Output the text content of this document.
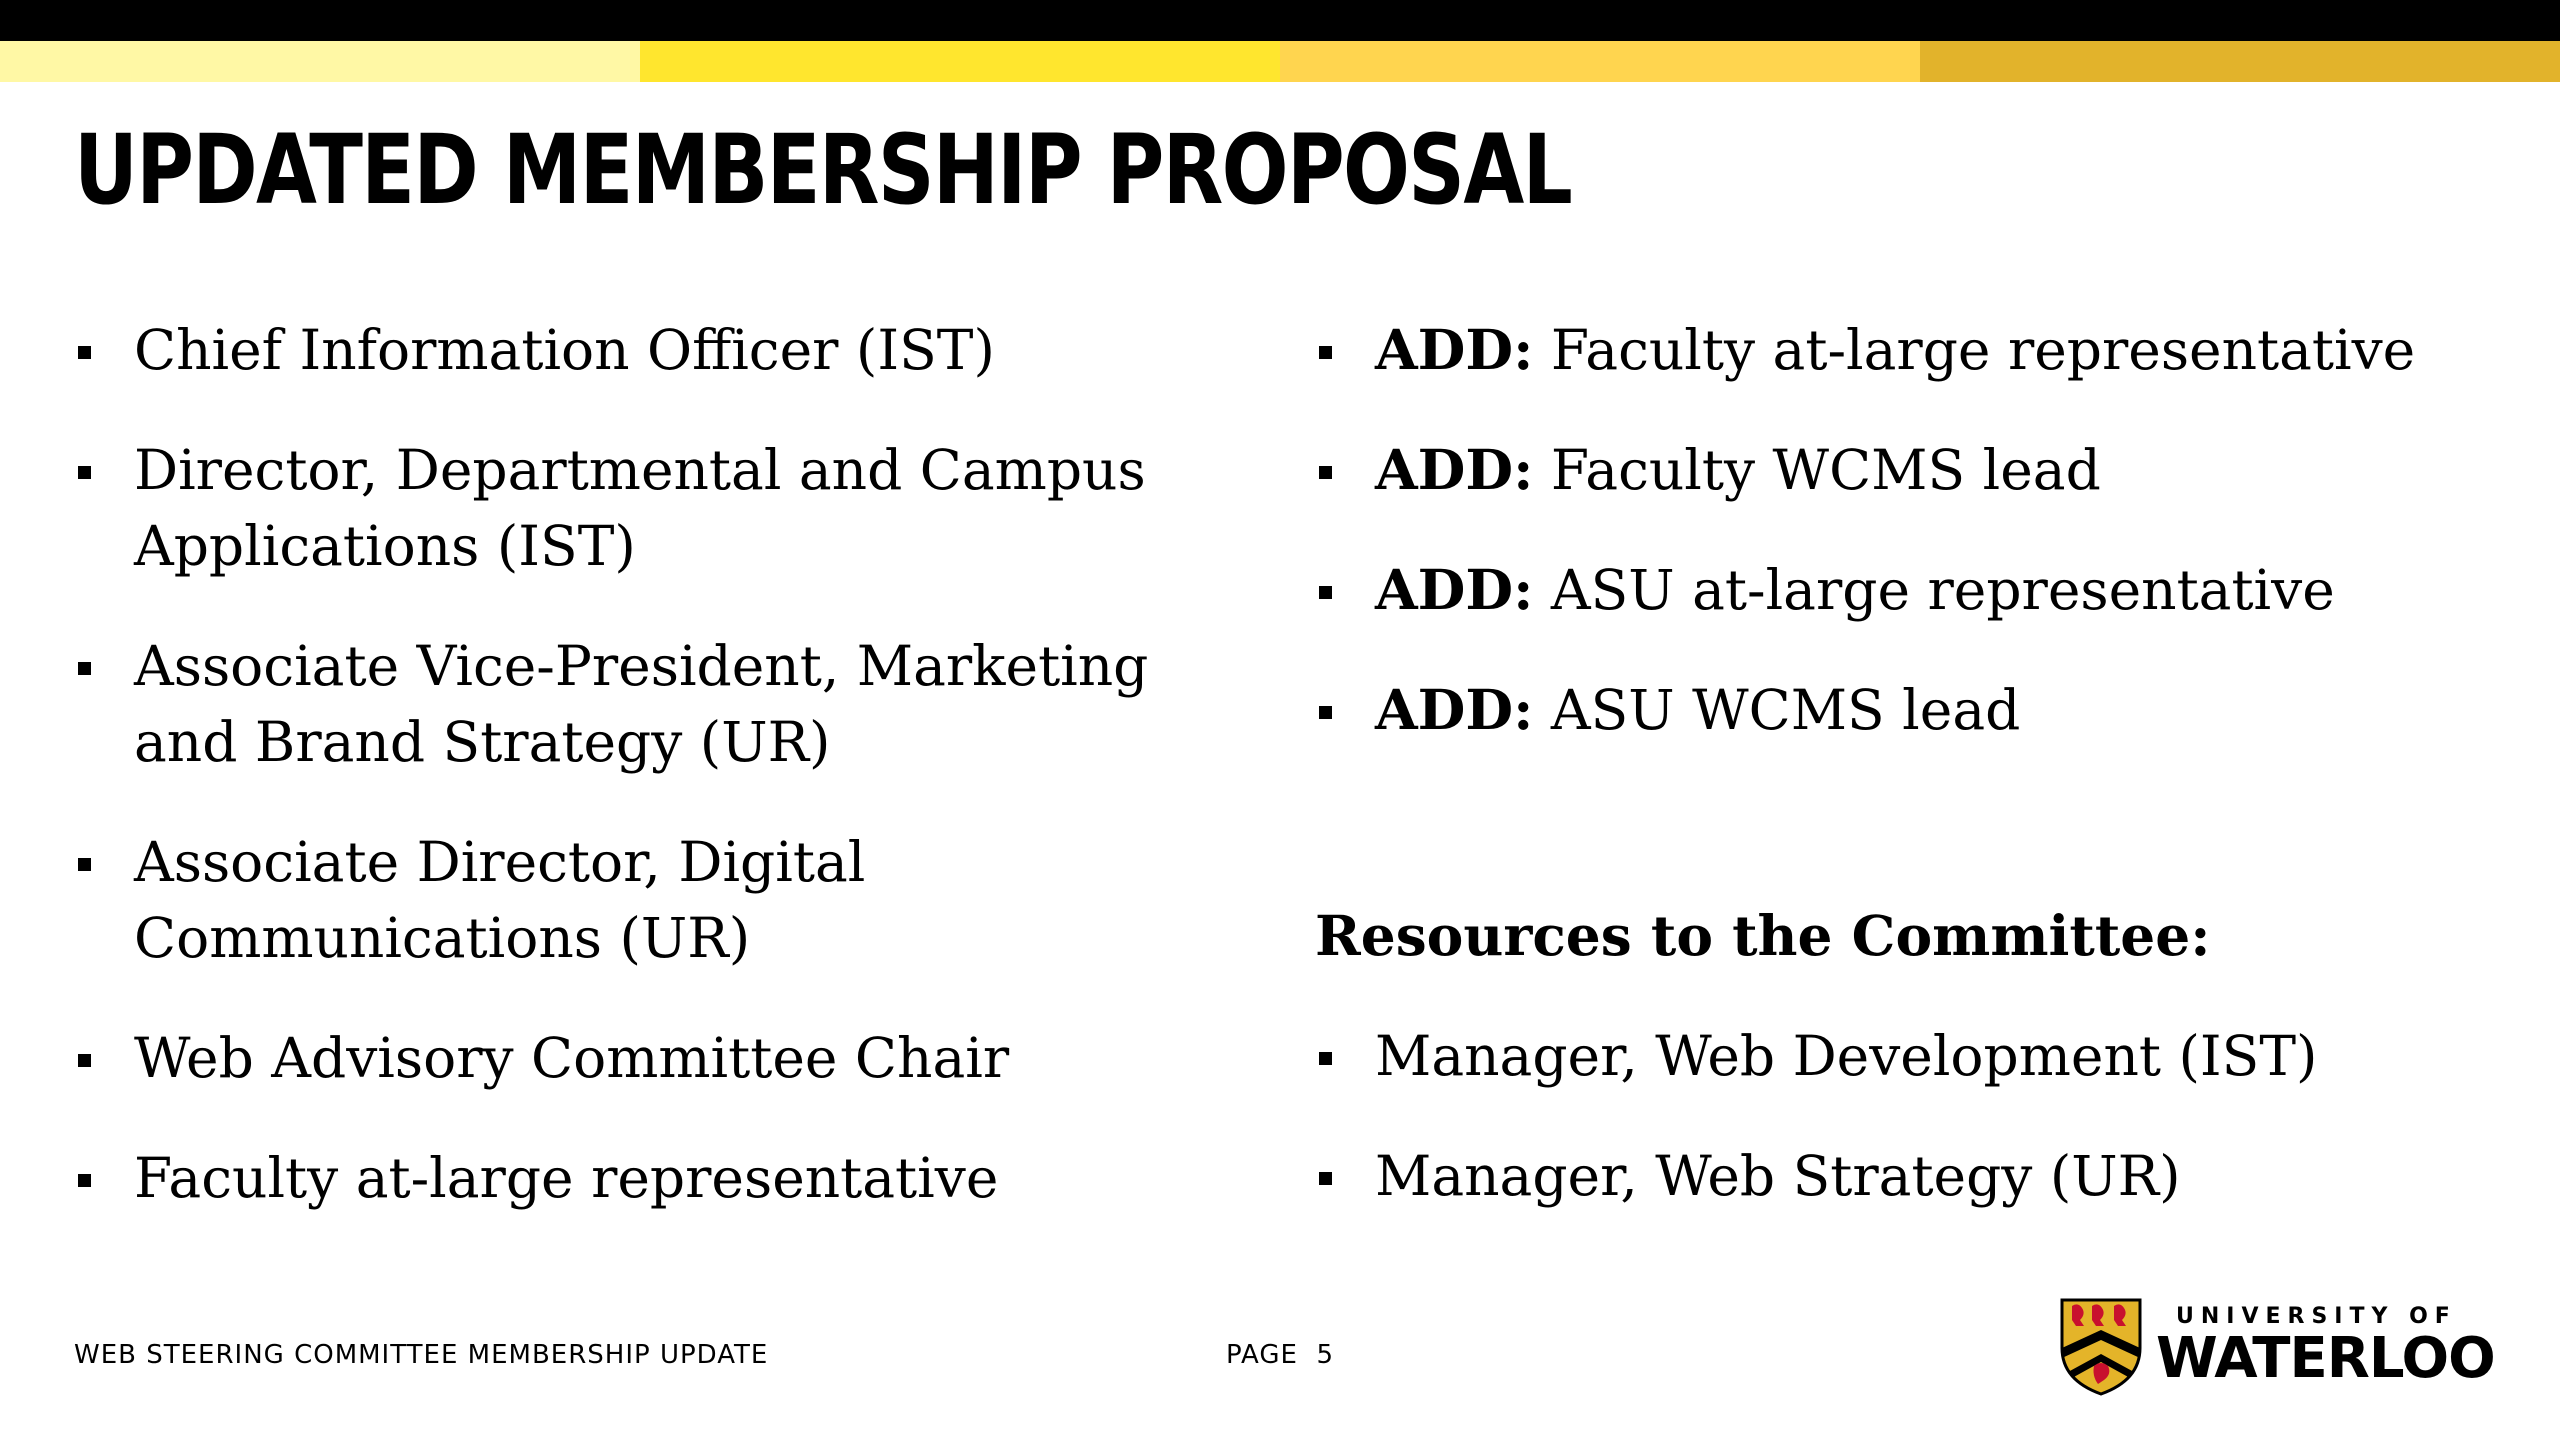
UPDATED MEMBERSHIP PROPOSAL
Chief Information Officer (IST)
Director, Departmental and Campus Applications (IST)
Associate Vice-President, Marketing and Brand Strategy (UR)
Associate Director, Digital Communications (UR)
Web Advisory Committee Chair
Faculty at-large representative
ADD: Faculty at-large representative
ADD: Faculty WCMS lead
ADD: ASU at-large representative
ADD: ASU WCMS lead
Resources to the Committee:
Manager, Web Development (IST)
Manager, Web Strategy (UR)
WEB STEERING COMMITTEE MEMBERSHIP UPDATE	PAGE  5
UNIVERSITY OF
WATERLOO
